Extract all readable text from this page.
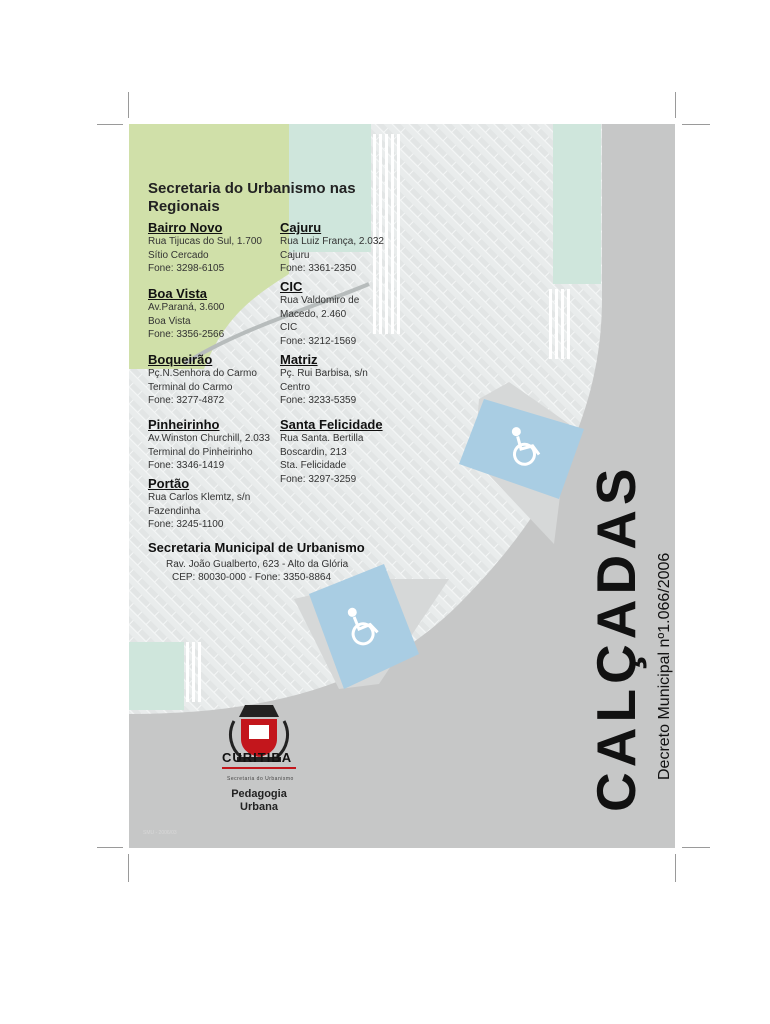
Secretaria do Urbanismo nas Regionais
Bairro Novo
Rua Tijucas do Sul, 1.700
Sítio Cercado
Fone: 3298-6105
Boa Vista
Av.Paraná, 3.600
Boa Vista
Fone: 3356-2566
Boqueirão
Pç.N.Senhora do Carmo
Terminal do Carmo
Fone: 3277-4872
Pinheirinho
Av.Winston Churchill, 2.033
Terminal do Pinheirinho
Fone: 3346-1419
Portão
Rua Carlos Klemtz, s/n
Fazendinha
Fone: 3245-1100
Cajuru
Rua Luiz França, 2.032
Cajuru
Fone: 3361-2350
CIC
Rua Valdomiro de
Macedo, 2.460
CIC
Fone: 3212-1569
Matriz
Pç. Rui Barbisa, s/n
Centro
Fone: 3233-5359
Santa Felicidade
Rua Santa. Bertilla
Boscardin, 213
Sta. Felicidade
Fone: 3297-3259
Secretaria Municipal de Urbanismo
Rav. João Gualberto, 623 - Alto da Glória
CEP: 80030-000 - Fone: 3350-8864	CALÇADAS Decreto Municipal nº1.066/2006
CURITIBA
Secretaria do Urbanismo
Pedagogia
Urbana
SMU - 2006/03
